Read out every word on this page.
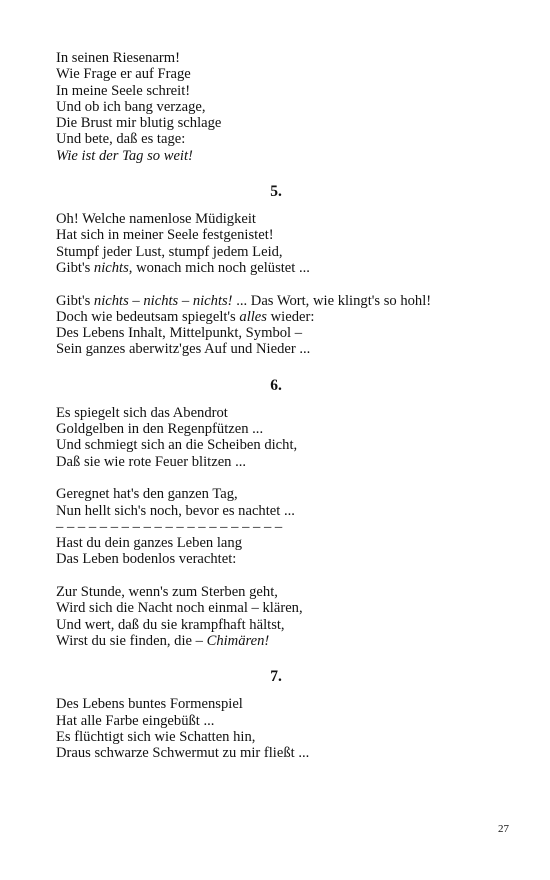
In seinen Riesenarm!
Wie Frage er auf Frage
In meine Seele schreit!
Und ob ich bang verzage,
Die Brust mir blutig schlage
Und bete, daß es tage:
Wie ist der Tag so weit!
5.
Oh! Welche namenlose Müdigkeit
Hat sich in meiner Seele festgenistet!
Stumpf jeder Lust, stumpf jedem Leid,
Gibt's nichts, wonach mich noch gelüstet ...
Gibt's nichts – nichts – nichts! ... Das Wort, wie klingt's so hohl!
Doch wie bedeutsam spiegelt's alles wieder:
Des Lebens Inhalt, Mittelpunkt, Symbol –
Sein ganzes aberwitz'ges Auf und Nieder ...
6.
Es spiegelt sich das Abendrot
Goldgelben in den Regenpfützen ...
Und schmiegt sich an die Scheiben dicht,
Daß sie wie rote Feuer blitzen ...
Geregnet hat's den ganzen Tag,
Nun hellt sich's noch, bevor es nachtet ...
– – – – – – – – – – – – – – – – – – – – –
Hast du dein ganzes Leben lang
Das Leben bodenlos verachtet:
Zur Stunde, wenn's zum Sterben geht,
Wird sich die Nacht noch einmal – klären,
Und wert, daß du sie krampfhaft hältst,
Wirst du sie finden, die – Chimären!
7.
Des Lebens buntes Formenspiel
Hat alle Farbe eingebüßt ...
Es flüchtigt sich wie Schatten hin,
Draus schwarze Schwermut zu mir fließt ...
27
